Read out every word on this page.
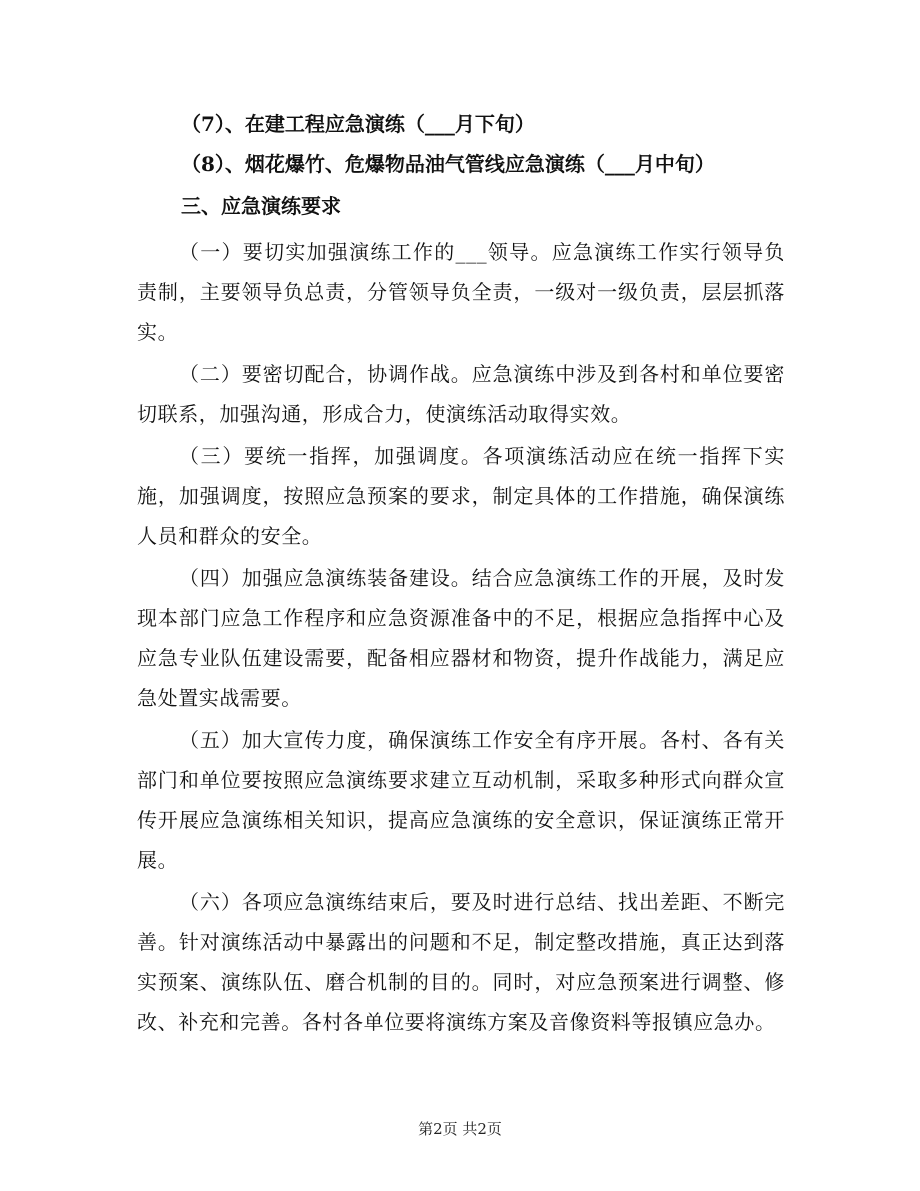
（7）、在建工程应急演练（___月下旬）
（8）、烟花爆竹、危爆物品油气管线应急演练（___月中旬）
三、应急演练要求

（一）要切实加强演练工作的___领导。应急演练工作实行领导负责制，主要领导负总责，分管领导负全责，一级对一级负责，层层抓落实。

（二）要密切配合，协调作战。应急演练中涉及到各村和单位要密切联系，加强沟通，形成合力，使演练活动取得实效。

（三）要统一指挥，加强调度。各项演练活动应在统一指挥下实施，加强调度，按照应急预案的要求，制定具体的工作措施，确保演练人员和群众的安全。

（四）加强应急演练装备建设。结合应急演练工作的开展，及时发现本部门应急工作程序和应急资源准备中的不足，根据应急指挥中心及应急专业队伍建设需要，配备相应器材和物资，提升作战能力，满足应急处置实战需要。

（五）加大宣传力度，确保演练工作安全有序开展。各村、各有关部门和单位要按照应急演练要求建立互动机制，采取多种形式向群众宣传开展应急演练相关知识，提高应急演练的安全意识，保证演练正常开展。

（六）各项应急演练结束后，要及时进行总结、找出差距、不断完善。针对演练活动中暴露出的问题和不足，制定整改措施，真正达到落实预案、演练队伍、磨合机制的目的。同时，对应急预案进行调整、修改、补充和完善。各村各单位要将演练方案及音像资料等报镇应急办。

第2页 共2页
